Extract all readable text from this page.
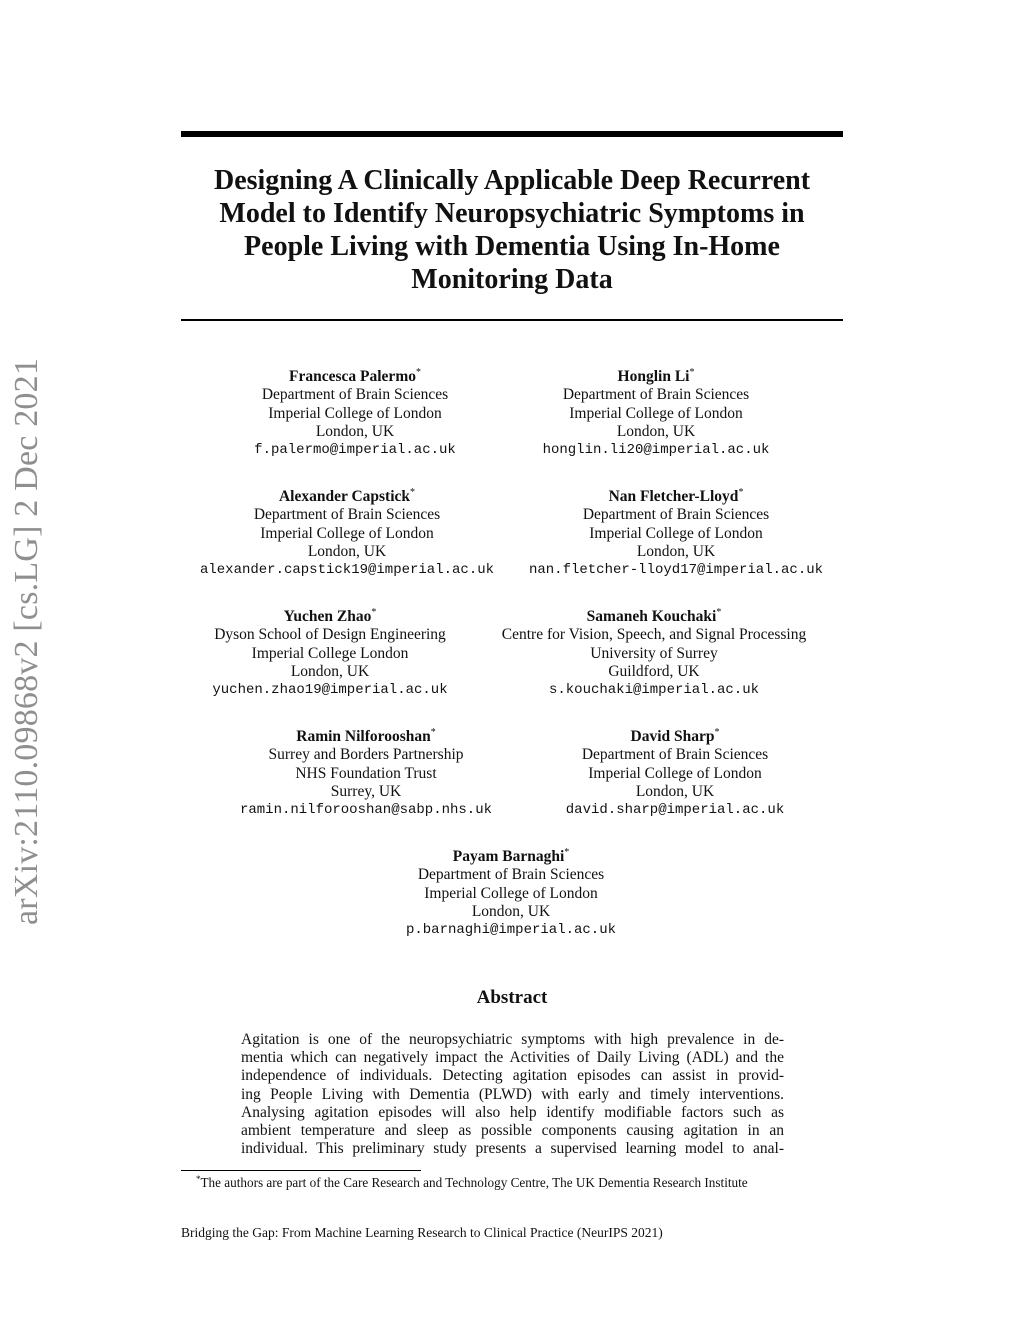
arXiv:2110.09868v2 [cs.LG] 2 Dec 2021
Designing A Clinically Applicable Deep Recurrent
Model to Identify Neuropsychiatric Symptoms in
People Living with Dementia Using In-Home
Monitoring Data
Francesca Palermo*
Department of Brain Sciences
Imperial College of London
London, UK
f.palermo@imperial.ac.uk
Honglin Li*
Department of Brain Sciences
Imperial College of London
London, UK
honglin.li20@imperial.ac.uk
Alexander Capstick*
Department of Brain Sciences
Imperial College of London
London, UK
alexander.capstick19@imperial.ac.uk
Nan Fletcher-Lloyd*
Department of Brain Sciences
Imperial College of London
London, UK
nan.fletcher-lloyd17@imperial.ac.uk
Yuchen Zhao*
Dyson School of Design Engineering
Imperial College London
London, UK
yuchen.zhao19@imperial.ac.uk
Samaneh Kouchaki*
Centre for Vision, Speech, and Signal Processing
University of Surrey
Guildford, UK
s.kouchaki@imperial.ac.uk
Ramin Nilforooshan*
Surrey and Borders Partnership
NHS Foundation Trust
Surrey, UK
ramin.nilforooshan@sabp.nhs.uk
David Sharp*
Department of Brain Sciences
Imperial College of London
London, UK
david.sharp@imperial.ac.uk
Payam Barnaghi*
Department of Brain Sciences
Imperial College of London
London, UK
p.barnaghi@imperial.ac.uk
Abstract
Agitation is one of the neuropsychiatric symptoms with high prevalence in de-
mentia which can negatively impact the Activities of Daily Living (ADL) and the
independence of individuals. Detecting agitation episodes can assist in provid-
ing People Living with Dementia (PLWD) with early and timely interventions.
Analysing agitation episodes will also help identify modifiable factors such as
ambient temperature and sleep as possible components causing agitation in an
individual. This preliminary study presents a supervised learning model to anal-
*The authors are part of the Care Research and Technology Centre, The UK Dementia Research Institute
Bridging the Gap: From Machine Learning Research to Clinical Practice (NeurIPS 2021)
